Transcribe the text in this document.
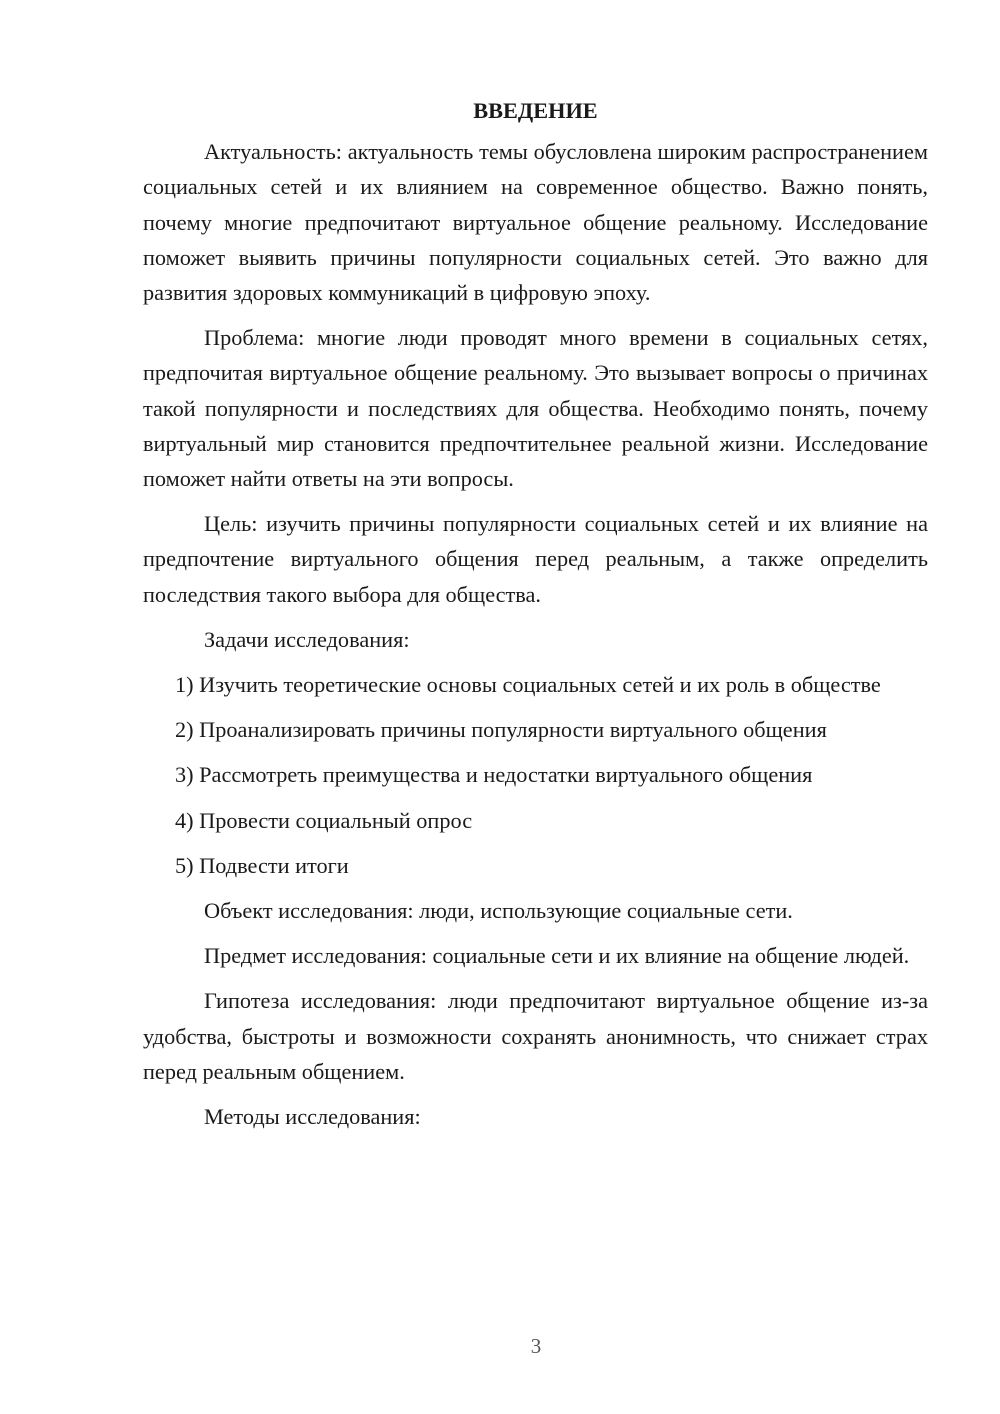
ВВЕДЕНИЕ
Актуальность: актуальность темы обусловлена широким распространением социальных сетей и их влиянием на современное общество. Важно понять, почему многие предпочитают виртуальное общение реальному. Исследование поможет выявить причины популярности социальных сетей. Это важно для развития здоровых коммуникаций в цифровую эпоху.
Проблема: многие люди проводят много времени в социальных сетях, предпочитая виртуальное общение реальному. Это вызывает вопросы о причинах такой популярности и последствиях для общества. Необходимо понять, почему виртуальный мир становится предпочтительнее реальной жизни. Исследование поможет найти ответы на эти вопросы.
Цель: изучить причины популярности социальных сетей и их влияние на предпочтение виртуального общения перед реальным, а также определить последствия такого выбора для общества.
Задачи исследования:
1) Изучить теоретические основы социальных сетей и их роль в обществе
2) Проанализировать причины популярности виртуального общения
3) Рассмотреть преимущества и недостатки виртуального общения
4) Провести социальный опрос
5) Подвести итоги
Объект исследования: люди, использующие социальные сети.
Предмет исследования: социальные сети и их влияние на общение людей.
Гипотеза исследования: люди предпочитают виртуальное общение из-за удобства, быстроты и возможности сохранять анонимность, что снижает страх перед реальным общением.
Методы исследования:
3
